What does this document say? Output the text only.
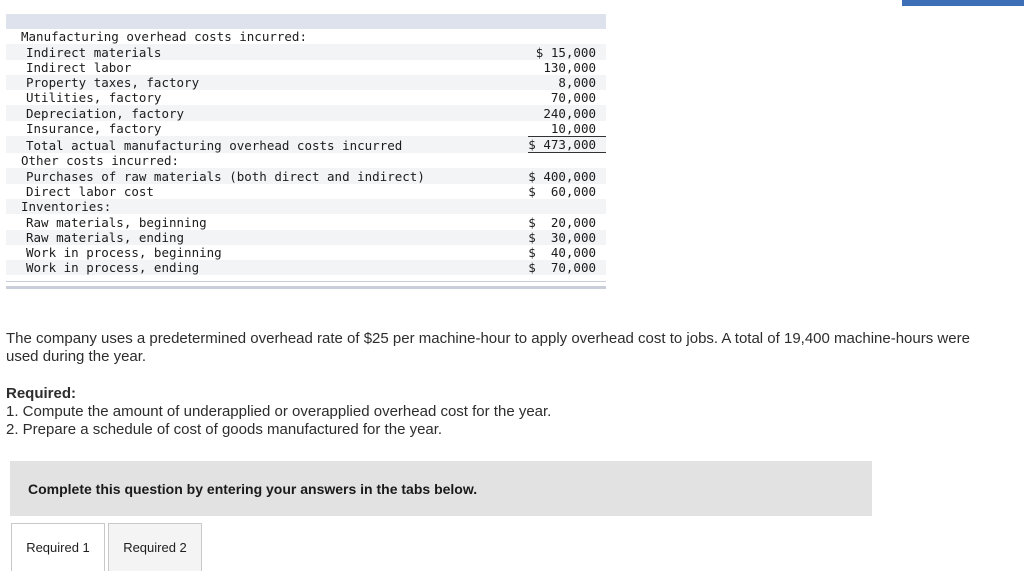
Manufacturing overhead costs incurred:
Indirect materials	$ 15,000
Indirect labor	130,000
Property taxes, factory	8,000
Utilities, factory	70,000
Depreciation, factory	240,000
Insurance, factory	10,000
Total actual manufacturing overhead costs incurred	$ 473,000
Other costs incurred:
Purchases of raw materials (both direct and indirect)	$ 400,000
Direct labor cost	$  60,000
Inventories:
Raw materials, beginning	$  20,000
Raw materials, ending	$  30,000
Work in process, beginning	$  40,000
Work in process, ending	$  70,000
The company uses a predetermined overhead rate of $25 per machine-hour to apply overhead cost to jobs. A total of 19,400 machine-hours were used during the year.
Required:
1. Compute the amount of underapplied or overapplied overhead cost for the year.
2. Prepare a schedule of cost of goods manufactured for the year.
Complete this question by entering your answers in the tabs below.
Required 1	Required 2
